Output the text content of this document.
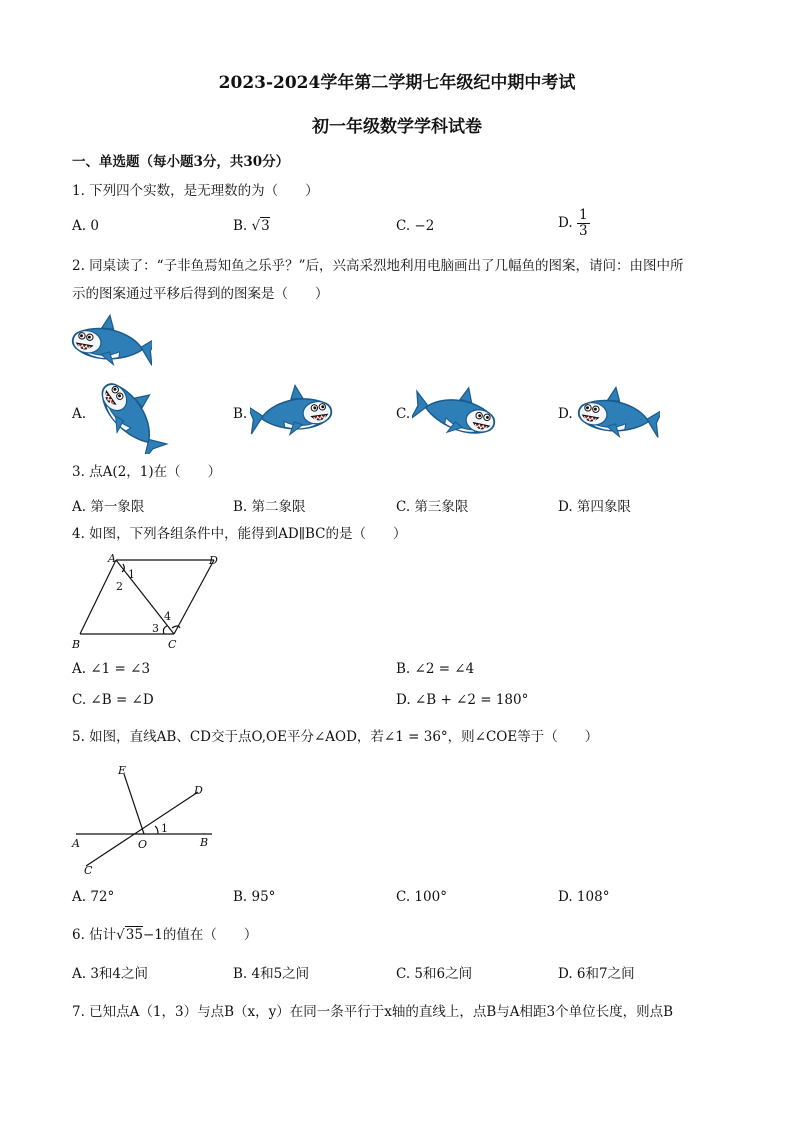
2023-2024学年第二学期七年级纪中期中考试
初一年级数学学科试卷
一、单选题（每小题3分，共30分）
1. 下列四个实数，是无理数的为（　　）
A. 0	B. √3	C. −2	D. $\frac{1}{3}$
2. 同桌读了：“子非鱼焉知鱼之乐乎？”后，兴高采烈地利用电脑画出了几幅鱼的图案，请问：由图中所
示的图案通过平移后得到的图案是（　　）
A.	B.	C.	D.
3. 点A(2，1)在（　　）
A. 第一象限	B. 第二象限	C. 第三象限	D. 第四象限
4. 如图，下列各组条件中，能得到AD∥BC的是（　　）
A	D
B	C
1
2
3
4
A. ∠1 = ∠3	B. ∠2 = ∠4
C. ∠B = ∠D	D. ∠B + ∠2 = 180°
5. 如图，直线AB、CD交于点O,OE平分∠AOD，若∠1 = 36°，则∠COE等于（　　）
E
D
A	O	B
C
1
A. 72°	B. 95°	C. 100°	D. 108°
6. 估计√35−1的值在（　　）
A. 3和4之间	B. 4和5之间	C. 5和6之间	D. 6和7之间
7. 已知点A（1，3）与点B（x，y）在同一条平行于x轴的直线上，点B与A相距3个单位长度，则点B
